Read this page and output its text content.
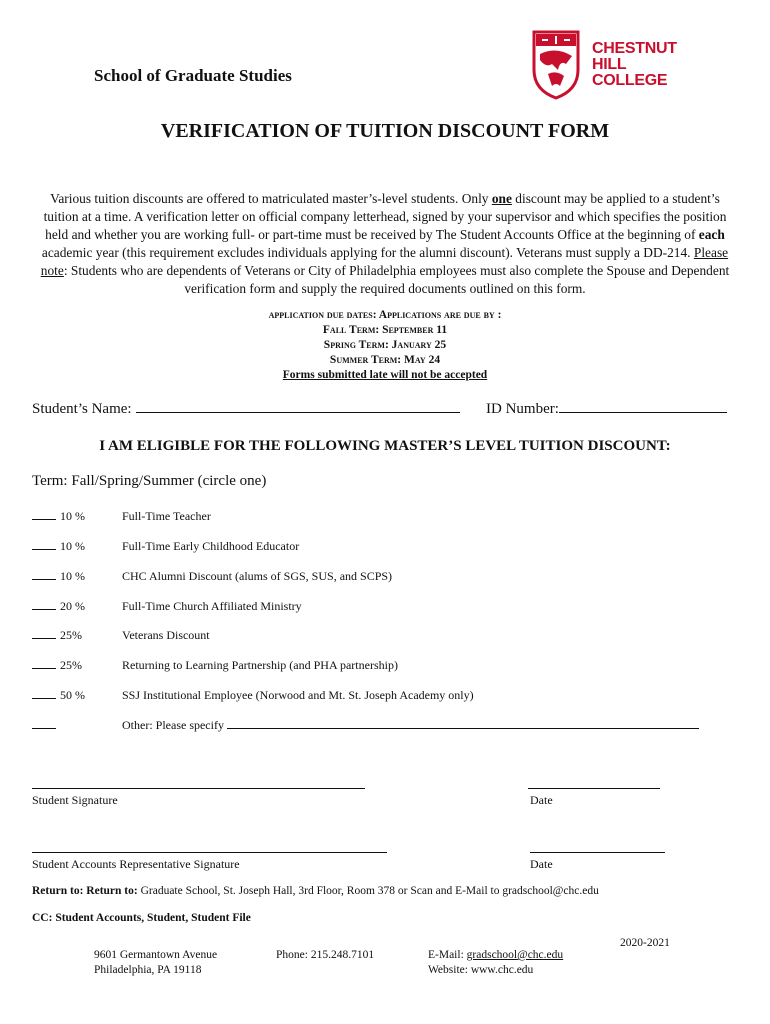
School of Graduate Studies
CHESTNUT
HILL
COLLEGE
VERIFICATION OF TUITION DISCOUNT FORM
Various tuition discounts are offered to matriculated master’s-level students. Only one discount may be applied to a student’s tuition at a time. A verification letter on official company letterhead, signed by your supervisor and which specifies the position held and whether you are working full- or part-time must be received by The Student Accounts Office at the beginning of each academic year (this requirement excludes individuals applying for the alumni discount). Veterans must supply a DD-214. Please note: Students who are dependents of Veterans or City of Philadelphia employees must also complete the Spouse and Dependent verification form and supply the required documents outlined on this form.
application due dates: Applications are due by :
Fall Term: September 11
Spring Term: January 25
Summer Term: May 24
Forms submitted late will not be accepted
Student’s Name:	ID Number:
I AM ELIGIBLE FOR THE FOLLOWING MASTER’S LEVEL TUITION DISCOUNT:
Term: Fall/Spring/Summer (circle one)
10 %	Full-Time Teacher
10 %	Full-Time Early Childhood Educator
10 %	CHC Alumni Discount (alums of SGS, SUS, and SCPS)
20 %	Full-Time Church Affiliated Ministry
25%	Veterans Discount
25%	Returning to Learning Partnership (and PHA partnership)
50 %	SSJ Institutional Employee (Norwood and Mt. St. Joseph Academy only)
Other: Please specify
Student Signature	Date
Student Accounts Representative Signature	Date
Return to: Return to: Graduate School, St. Joseph Hall, 3rd Floor, Room 378 or Scan and E-Mail to gradschool@chc.edu
CC: Student Accounts, Student, Student File
2020-2021
9601 Germantown Avenue
Philadelphia, PA 19118
Phone: 215.248.7101	E-Mail: gradschool@chc.edu
Website: www.chc.edu
